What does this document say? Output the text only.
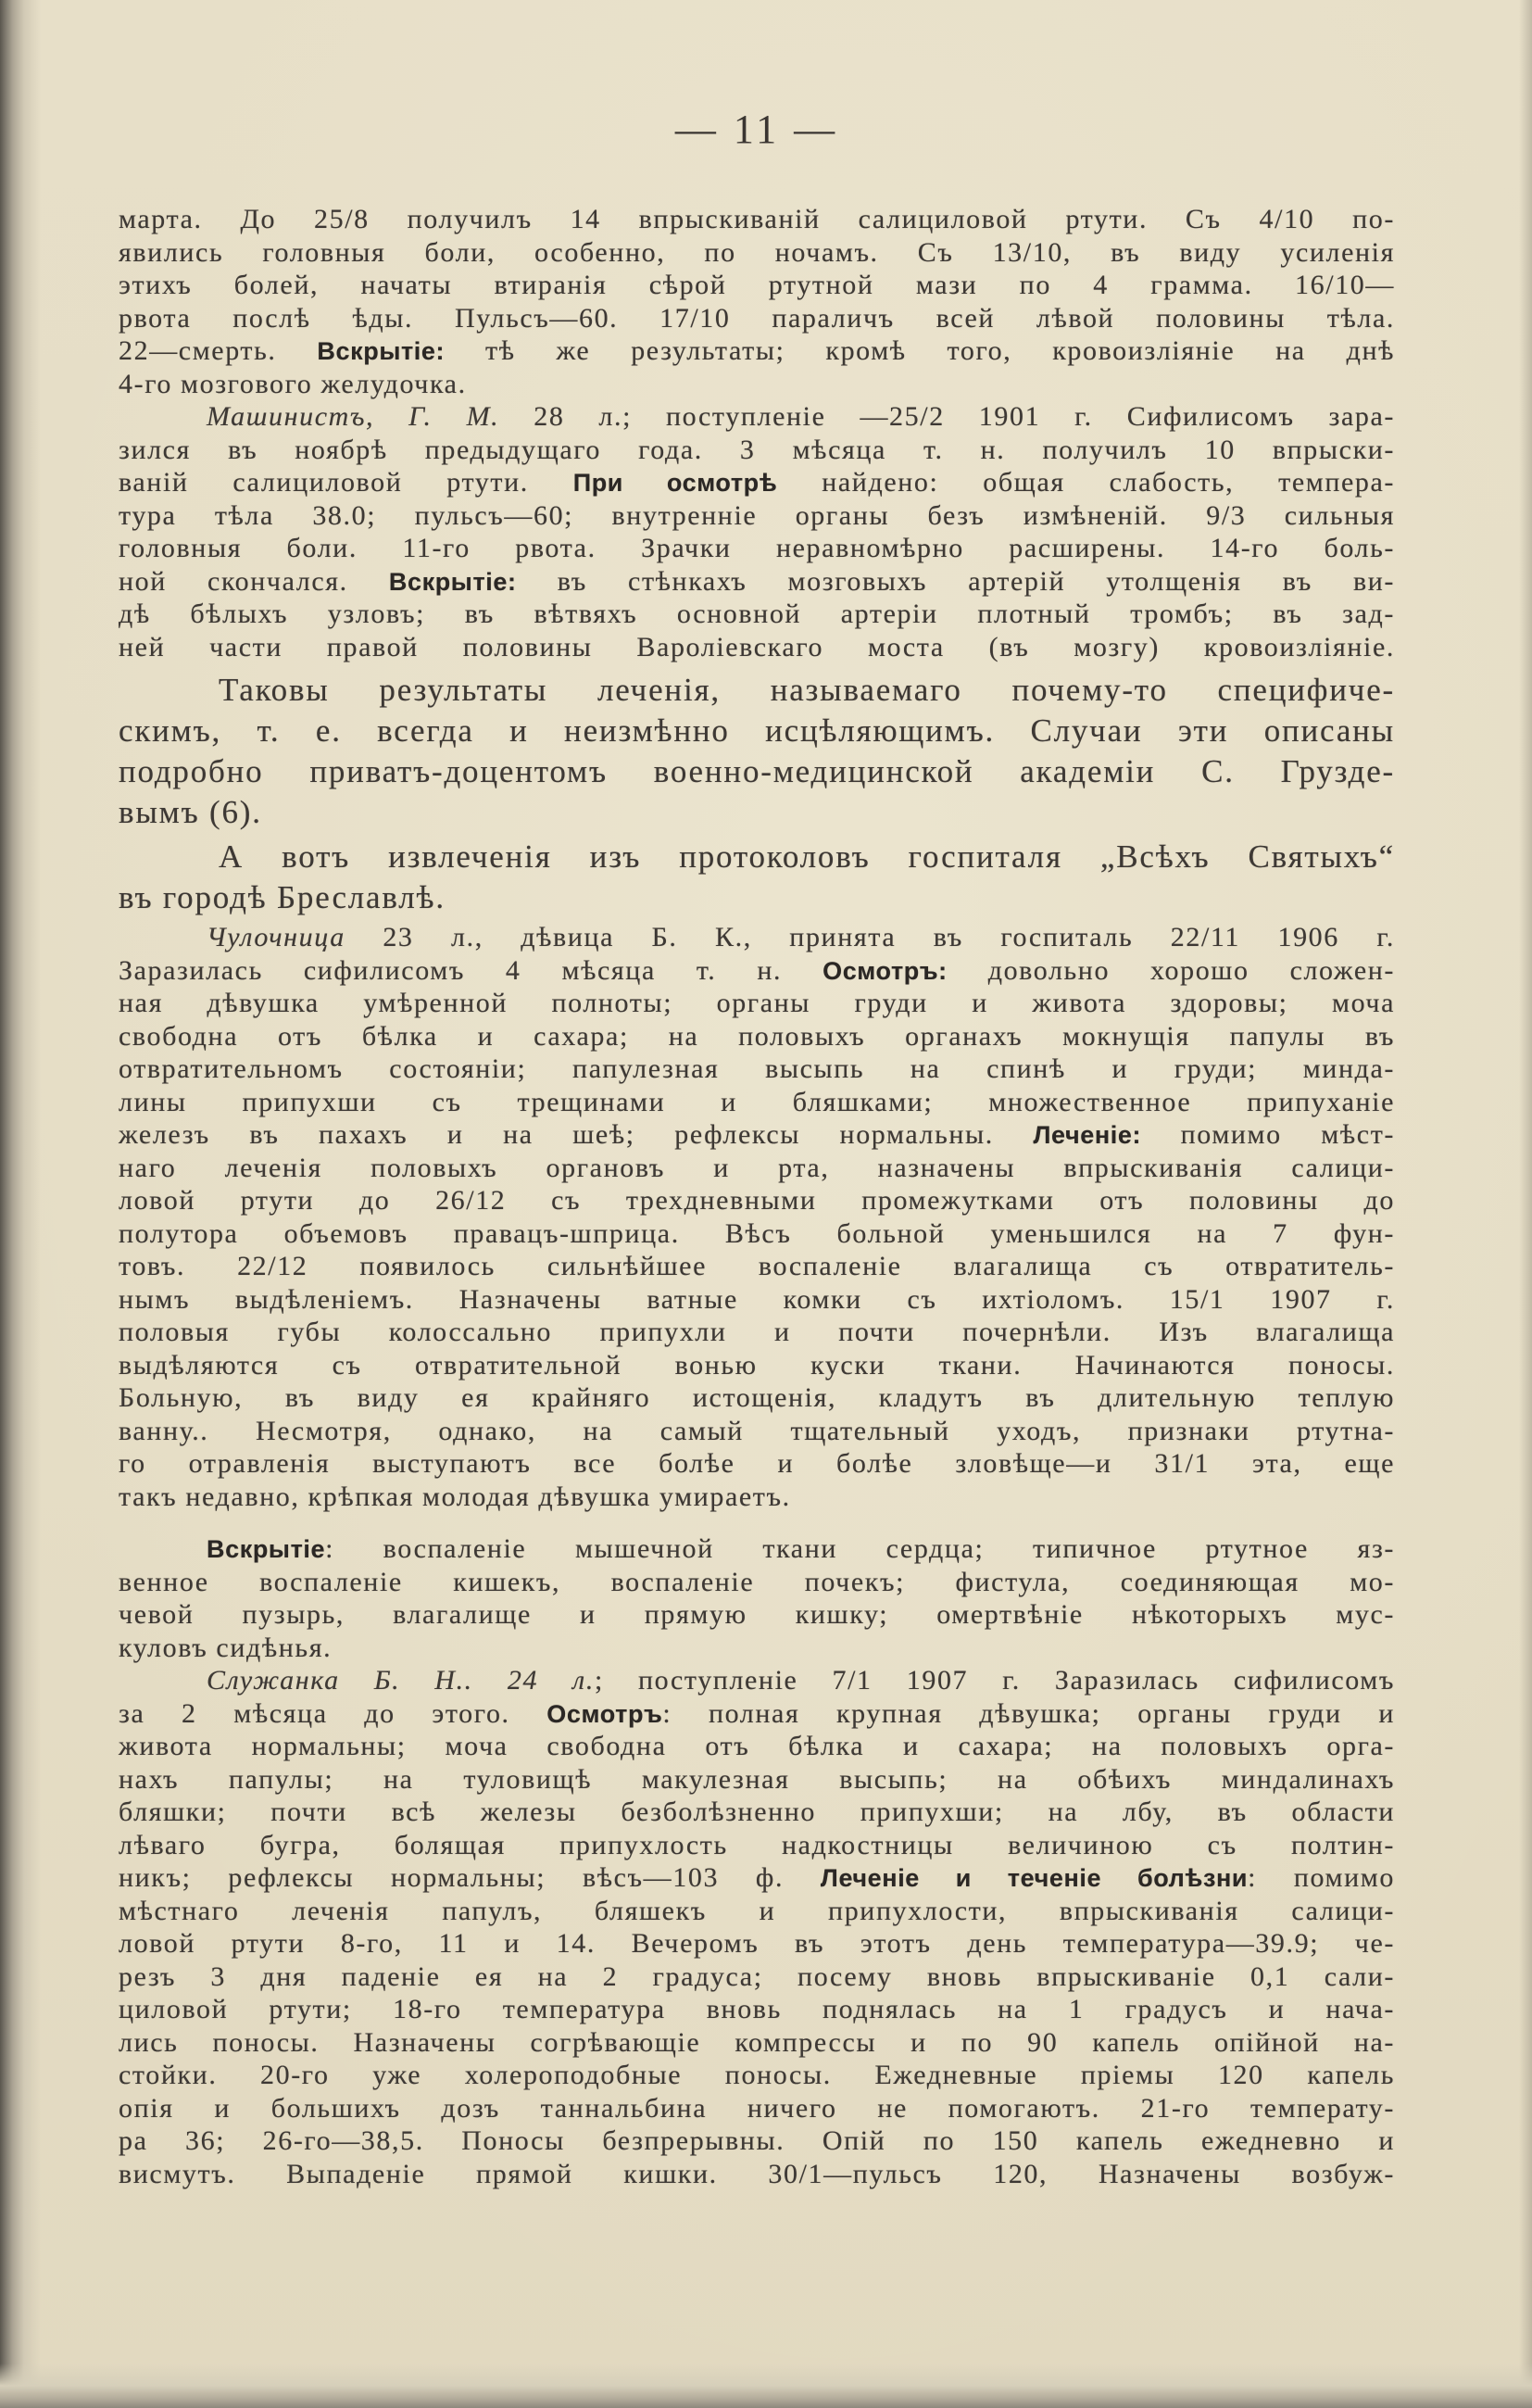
— 11 —
марта. До 25/8 получилъ 14 впрыскиваній салициловой ртути. Съ 4/10 по-
явились головныя боли, особенно, по ночамъ. Съ 13/10, въ виду усиленія
этихъ болей, начаты втиранія сѣрой ртутной мази по 4 грамма. 16/10—
рвота послѣ ѣды. Пульсъ—60. 17/10 параличъ всей лѣвой половины тѣла.
22—смерть. Вскрытіе: тѣ же результаты; кромѣ того, кровоизліяніе на днѣ
4-го мозгового желудочка.
Машинистъ, Г. М. 28 л.; поступленіе —25/2 1901 г. Сифилисомъ зара-
зился въ ноябрѣ предыдущаго года. 3 мѣсяца т. н. получилъ 10 впрыски-
ваній салициловой ртути. При осмотрѣ найдено: общая слабость, темпера-
тура тѣла 38.0; пульсъ—60; внутренніе органы безъ измѣненій. 9/3 сильныя
головныя боли. 11-го рвота. Зрачки неравномѣрно расширены. 14-го боль-
ной скончался. Вскрытіе: въ стѣнкахъ мозговыхъ артерій утолщенія въ ви-
дѣ бѣлыхъ узловъ; въ вѣтвяхъ основной артеріи плотный тромбъ; въ зад-
ней части правой половины Вароліевскаго моста (въ мозгу) кровоизліяніе.
Таковы результаты леченія, называемаго почему-то специфиче-
скимъ, т. е. всегда и неизмѣнно исцѣляющимъ. Случаи эти описаны
подробно приватъ-доцентомъ военно-медицинской академіи С. Грузде-
вымъ (6).
А вотъ извлеченія изъ протоколовъ госпиталя „Всѣхъ Святыхъ“
въ городѣ Бреславлѣ.
Чулочница 23 л., дѣвица Б. К., принята въ госпиталь 22/11 1906 г.
Заразилась сифилисомъ 4 мѣсяца т. н. Осмотръ: довольно хорошо сложен-
ная дѣвушка умѣренной полноты; органы груди и живота здоровы; моча
свободна отъ бѣлка и сахара; на половыхъ органахъ мокнущія папулы въ
отвратительномъ состояніи; папулезная высыпь на спинѣ и груди; минда-
лины припухши съ трещинами и бляшками; множественное припуханіе
железъ въ пахахъ и на шеѣ; рефлексы нормальны. Леченіе: помимо мѣст-
наго леченія половыхъ органовъ и рта, назначены впрыскиванія салици-
ловой ртути до 26/12 съ трехдневными промежутками отъ половины до
полутора объемовъ правацъ-шприца. Вѣсъ больной уменьшился на 7 фун-
товъ. 22/12 появилось сильнѣйшее воспаленіе влагалища съ отвратитель-
нымъ выдѣленіемъ. Назначены ватные комки съ ихтіоломъ. 15/1 1907 г.
половыя губы колоссально припухли и почти почернѣли. Изъ влагалища
выдѣляются съ отвратительной вонью куски ткани. Начинаются поносы.
Больную, въ виду ея крайняго истощенія, кладутъ въ длительную теплую
ванну.. Несмотря, однако, на самый тщательный уходъ, признаки ртутна-
го отравленія выступаютъ все болѣе и болѣе зловѣще—и 31/1 эта, еще
такъ недавно, крѣпкая молодая дѣвушка умираетъ.
Вскрытіе: воспаленіе мышечной ткани сердца; типичное ртутное яз-
венное воспаленіе кишекъ, воспаленіе почекъ; фистула, соединяющая мо-
чевой пузырь, влагалище и прямую кишку; омертвѣніе нѣкоторыхъ мус-
куловъ сидѣнья.
Служанка Б. Н.. 24 л.; поступленіе 7/1 1907 г. Заразилась сифилисомъ
за 2 мѣсяца до этого. Осмотръ: полная крупная дѣвушка; органы груди и
живота нормальны; моча свободна отъ бѣлка и сахара; на половыхъ орга-
нахъ папулы; на туловищѣ макулезная высыпь; на обѣихъ миндалинахъ
бляшки; почти всѣ железы безболѣзненно припухши; на лбу, въ области
лѣваго бугра, болящая припухлость надкостницы величиною съ полтин-
никъ; рефлексы нормальны; вѣсъ—103 ф. Леченіе и теченіе болѣзни: помимо
мѣстнаго леченія папулъ, бляшекъ и припухлости, впрыскиванія салици-
ловой ртути 8-го, 11 и 14. Вечеромъ въ этотъ день температура—39.9; че-
резъ 3 дня паденіе ея на 2 градуса; посему вновь впрыскиваніе 0,1 сали-
циловой ртути; 18-го температура вновь поднялась на 1 градусъ и нача-
лись поносы. Назначены согрѣвающіе компрессы и по 90 капель опійной на-
стойки. 20-го уже холероподобные поносы. Ежедневные пріемы 120 капель
опія и большихъ дозъ таннальбина ничего не помогаютъ. 21-го температу-
ра 36; 26-го—38,5. Поносы безпрерывны. Опій по 150 капель ежедневно и
висмутъ. Выпаденіе прямой кишки. 30/1—пульсъ 120, Назначены возбуж-
